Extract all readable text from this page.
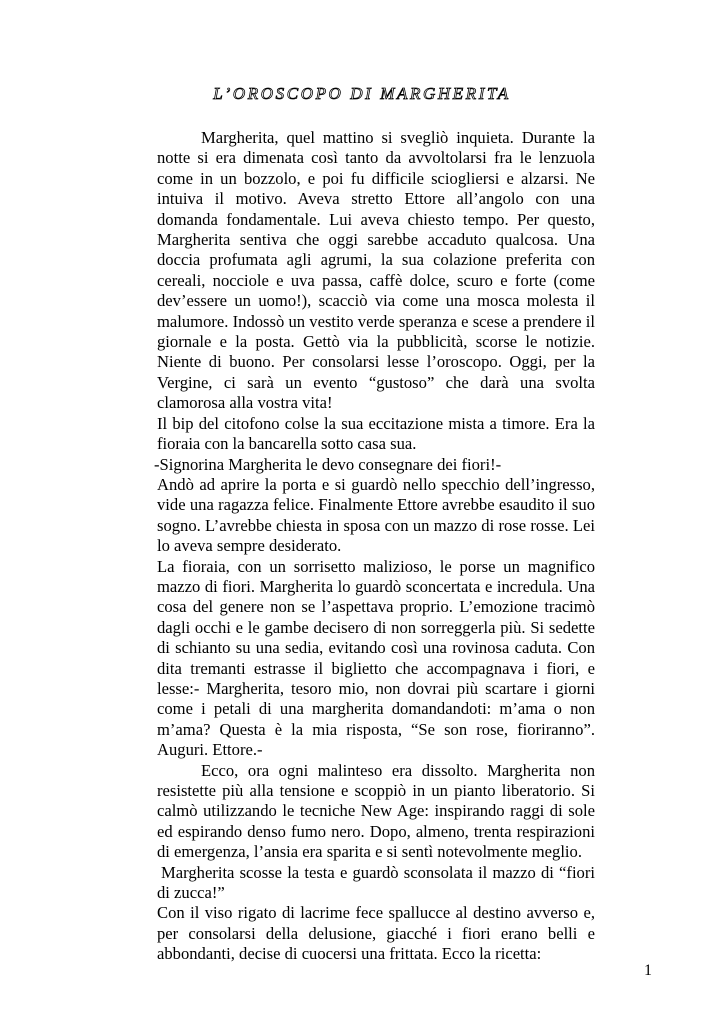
L’OROSCOPO DI MARGHERITA

Margherita, quel mattino si svegliò inquieta. Durante la notte si era dimenata così tanto da avvoltolarsi fra le lenzuola come in un bozzolo, e poi fu difficile sciogliersi e alzarsi. Ne intuiva il motivo. Aveva stretto Ettore all’angolo con una domanda fondamentale. Lui aveva chiesto tempo. Per questo, Margherita sentiva che oggi sarebbe accaduto qualcosa. Una doccia profumata agli agrumi, la sua colazione preferita con cereali, nocciole e uva passa, caffè dolce, scuro e forte (come dev’essere un uomo!), scacciò via come una mosca molesta il malumore. Indossò un vestito verde speranza e scese a prendere il giornale e la posta. Gettò via la pubblicità, scorse le notizie. Niente di buono. Per consolarsi lesse l’oroscopo. Oggi, per la Vergine, ci sarà un evento “gustoso” che darà una svolta clamorosa alla vostra vita!

Il bip del citofono colse la sua eccitazione mista a timore. Era la fioraia con la bancarella sotto casa sua.

-Signorina Margherita le devo consegnare dei fiori!-

Andò ad aprire la porta e si guardò nello specchio dell’ingresso, vide una ragazza felice. Finalmente Ettore avrebbe esaudito il suo sogno. L’avrebbe chiesta in sposa con un mazzo di rose rosse. Lei lo aveva sempre desiderato.

La fioraia, con un sorrisetto malizioso, le porse un magnifico mazzo di fiori. Margherita lo guardò sconcertata e incredula. Una cosa del genere non se l’aspettava proprio. L’emozione tracimò dagli occhi e le gambe decisero di non sorreggerla più. Si sedette di schianto su una sedia, evitando così una rovinosa caduta. Con dita tremanti estrasse il biglietto che accompagnava i fiori, e lesse:- Margherita, tesoro mio, non dovrai più scartare i giorni come i petali di una margherita domandandoti: m’ama o non m’ama? Questa è la mia risposta, “Se son rose, fioriranno”. Auguri. Ettore.-

Ecco, ora ogni malinteso era dissolto. Margherita non resistette più alla tensione e scoppiò in un pianto liberatorio. Si calmò utilizzando le tecniche New Age: inspirando raggi di sole ed espirando denso fumo nero. Dopo, almeno, trenta respirazioni di emergenza, l’ansia era sparita e si sentì notevolmente meglio.

Margherita scosse la testa e guardò sconsolata il mazzo di “fiori di zucca!”

Con il viso rigato di lacrime fece spallucce al destino avverso e, per consolarsi della delusione, giacché i fiori erano belli e abbondanti, decise di cuocersi una frittata. Ecco la ricetta:

1
